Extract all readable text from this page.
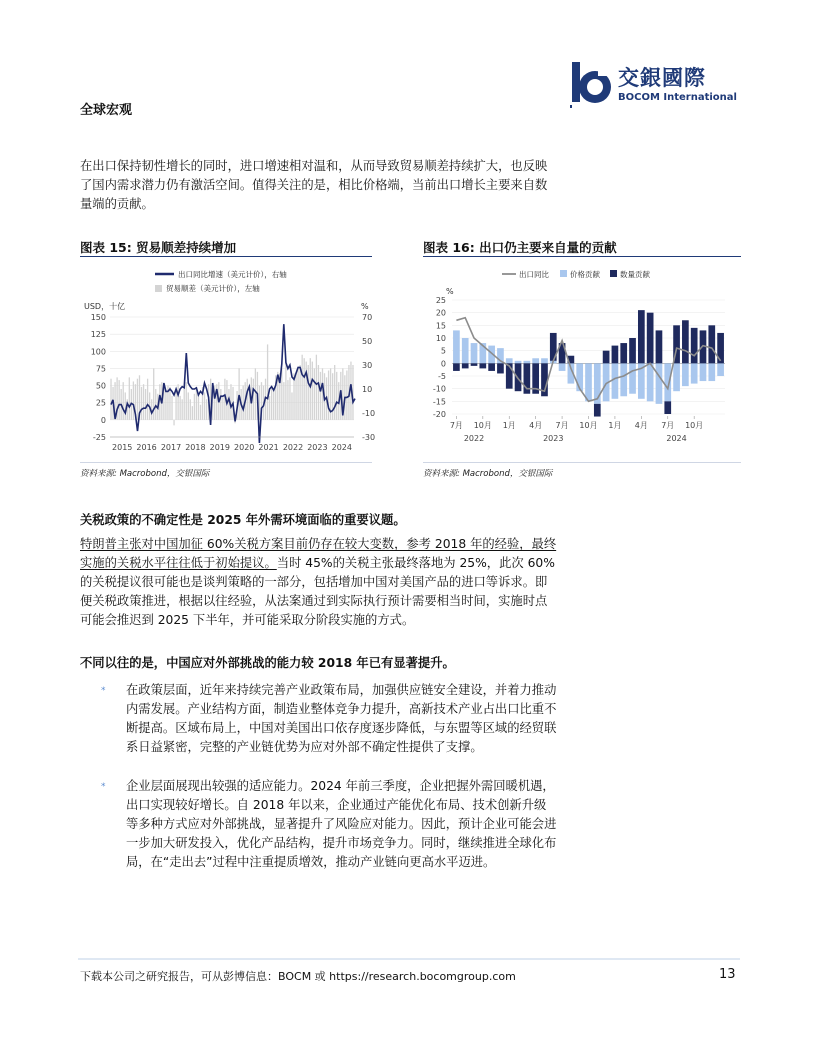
全球宏观
交銀國際
BOCOM International
在出口保持韧性增长的同时，进口增速相对温和，从而导致贸易顺差持续扩大，也反映了国内需求潜力仍有激活空间。值得关注的是，相比价格端，当前出口增长主要来自数量端的贡献。
图表 15: 贸易顺差持续增加	图表 16: 出口仍主要来自量的贡献
出口同比增速（美元计价），右轴
贸易顺差（美元计价），左轴
USD，十亿	%
150
125
100
75
50
25
0
-25
70
50
30
10
-10
-30
2015 2016 2017 2018 2019 2020 2021 2022 2023 2024
出口同比	价格贡献	数量贡献
%
25
20
15
10
5
0
-5
-10
-15
-20
7月 10月 1月 4月 7月 10月 1月 4月 7月 10月
2022	2023	2024
资料来源: Macrobond，交银国际	资料来源: Macrobond，交银国际
关税政策的不确定性是 2025 年外需环境面临的重要议题。
特朗普主张对中国加征 60%关税方案目前仍存在较大变数，参考 2018 年的经验，最终实施的关税水平往往低于初始提议。当时 45%的关税主张最终落地为 25%，此次 60%的关税提议很可能也是谈判策略的一部分，包括增加中国对美国产品的进口等诉求。即便关税政策推进，根据以往经验，从法案通过到实际执行预计需要相当时间，实施时点可能会推迟到 2025 下半年，并可能采取分阶段实施的方式。
不同以往的是，中国应对外部挑战的能力较 2018 年已有显著提升。
* 在政策层面，近年来持续完善产业政策布局，加强供应链安全建设，并着力推动内需发展。产业结构方面，制造业整体竞争力提升，高新技术产业占出口比重不断提高。区域布局上，中国对美国出口依存度逐步降低，与东盟等区域的经贸联系日益紧密，完整的产业链优势为应对外部不确定性提供了支撑。
* 企业层面展现出较强的适应能力。2024 年前三季度，企业把握外需回暖机遇，出口实现较好增长。自 2018 年以来，企业通过产能优化布局、技术创新升级等多种方式应对外部挑战，显著提升了风险应对能力。因此，预计企业可能会进一步加大研发投入，优化产品结构，提升市场竞争力。同时，继续推进全球化布局，在“走出去”过程中注重提质增效，推动产业链向更高水平迈进。
下载本公司之研究报告，可从彭博信息：BOCM 或 https://research.bocomgroup.com	13
